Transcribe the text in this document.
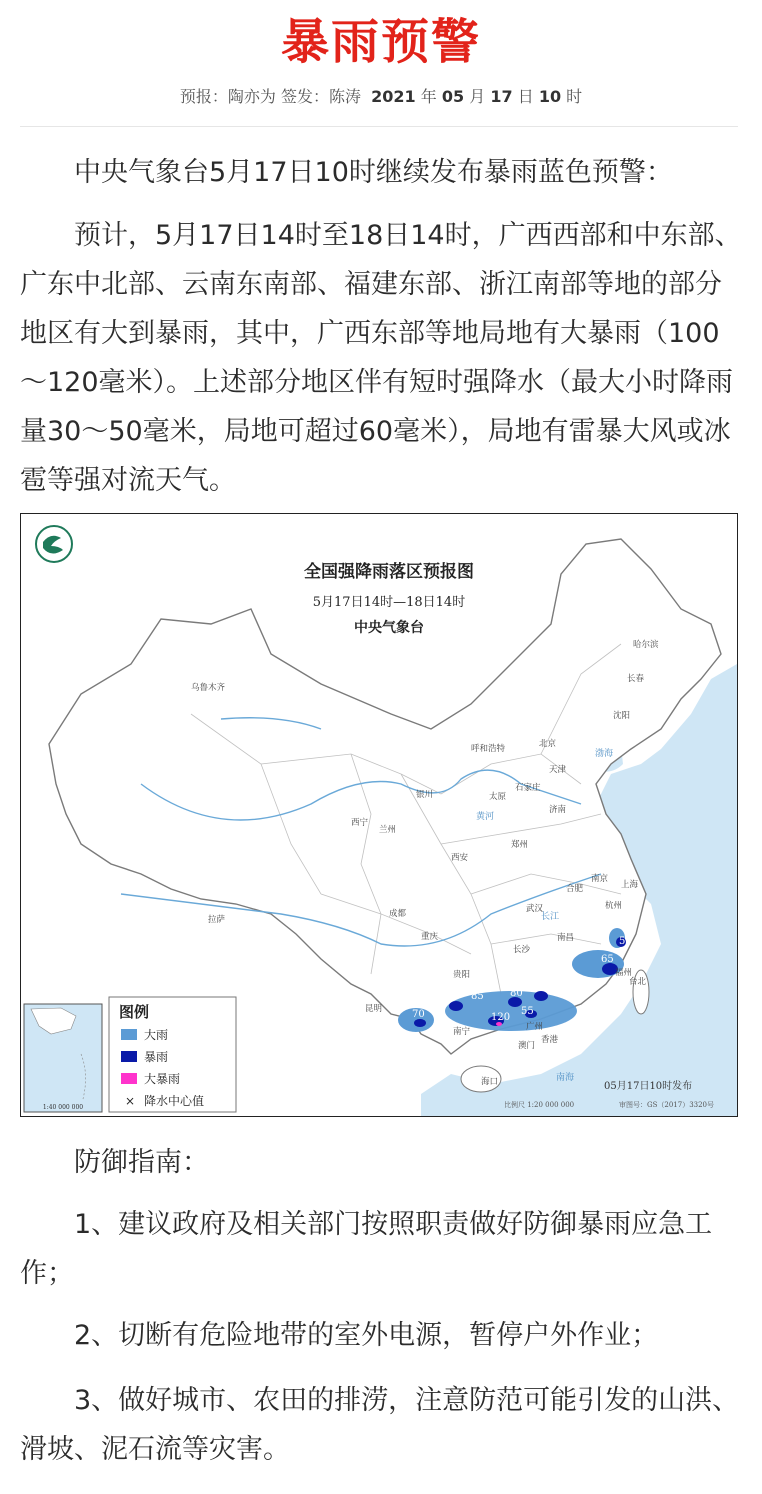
暴雨预警
预报：陶亦为 签发：陈涛 2021 年 05 月 17 日 10 时

中央气象台5月17日10时继续发布暴雨蓝色预警：

预计，5月17日14时至18日14时，广西西部和中东部、广东中北部、云南东南部、福建东部、浙江南部等地的部分地区有大到暴雨，其中，广西东部等地局地有大暴雨（100～120毫米）。上述部分地区伴有短时强降水（最大小时降雨量30～50毫米，局地可超过60毫米），局地有雷暴大风或冰雹等强对流天气。

55
65
70
85	80
70
55
120
乌鲁木齐
哈尔滨
长春
沈阳
呼和浩特	北京
天津
银川	太原
石家庄
济南
西宁
兰州
西安
郑州
南京
合肥	上海
杭州
拉萨
成都
重庆
武汉
长沙
南昌
福州
台北
贵阳
昆明
南宁	广州
香港
澳门
海口
渤海
黄河
长江
南海
全国强降雨落区预报图
5月17日14时—18日14时
中央气象台
1:40 000 000
图例
大雨
暴雨
大暴雨
× 降水中心值
05月17日10时发布
比例尺 1:20 000 000	审图号：GS（2017）3320号

防御指南：

1、建议政府及相关部门按照职责做好防御暴雨应急工作；

2、切断有危险地带的室外电源，暂停户外作业；

3、做好城市、农田的排涝，注意防范可能引发的山洪、滑坡、泥石流等灾害。
